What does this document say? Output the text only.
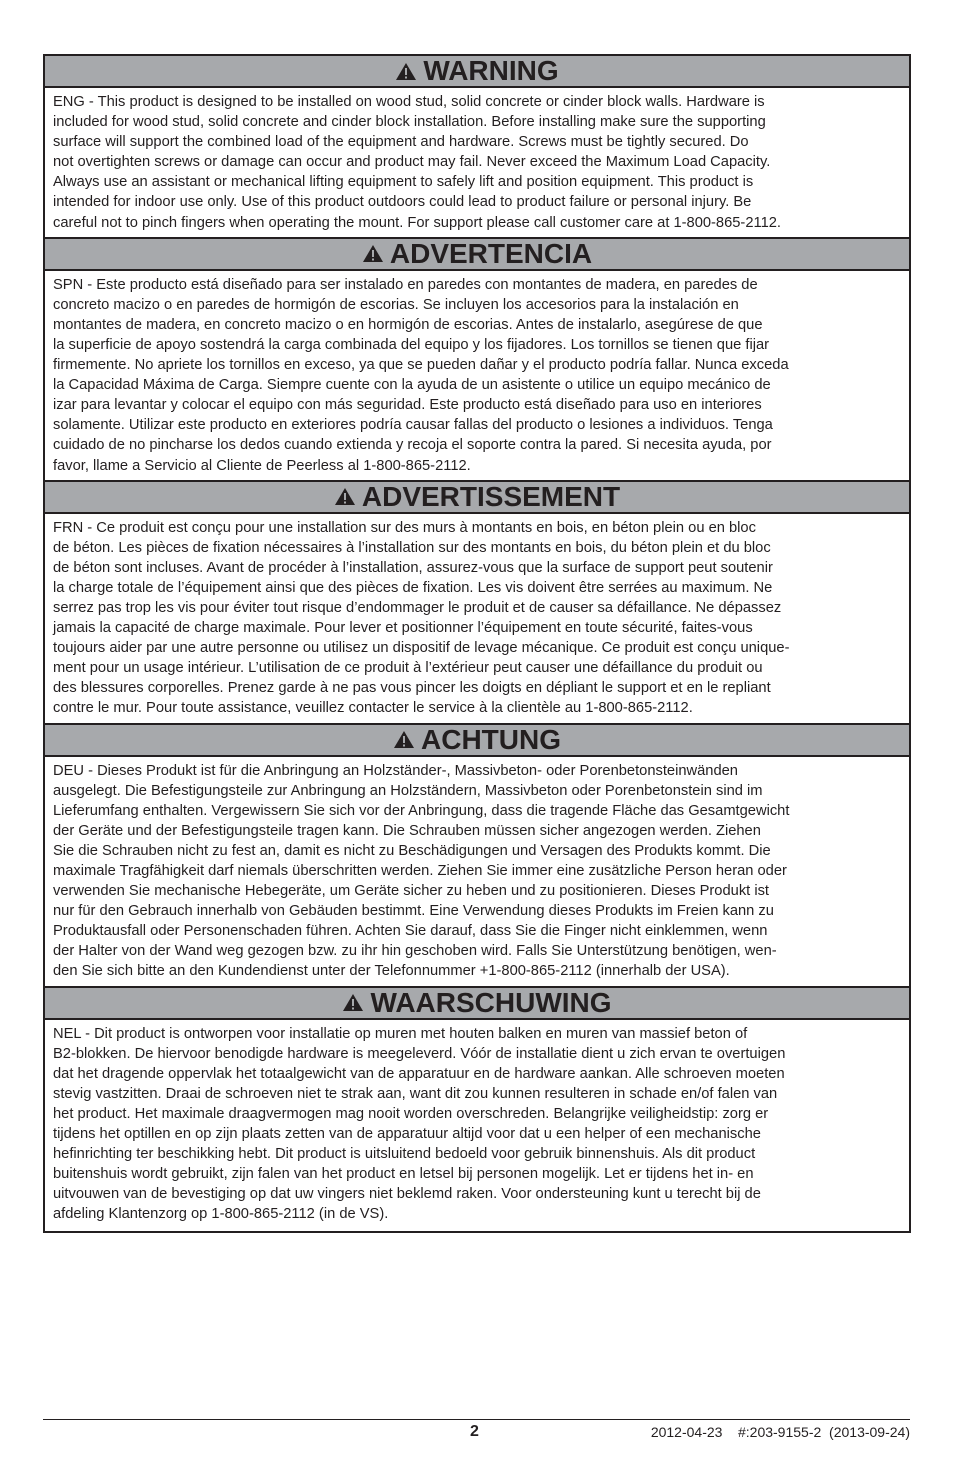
WARNING

ENG - This product is designed to be installed on wood stud, solid concrete or cinder block walls. Hardware is

included for wood stud, solid concrete and cinder block installation. Before installing make sure the supporting

surface will support the combined load of the equipment and hardware. Screws must be tightly secured. Do

not overtighten screws or damage can occur and product may fail. Never exceed the Maximum Load Capacity.

Always use an assistant or mechanical lifting equipment to safely lift and position equipment. This product is

intended for indoor use only. Use of this product outdoors could lead to product failure or personal injury. Be

careful not to pinch fingers when operating the mount. For support please call customer care at 1-800-865-2112.

ADVERTENCIA

SPN - Este producto está diseñado para ser instalado en paredes con montantes de madera, en paredes de

concreto macizo o en paredes de hormigón de escorias. Se incluyen los accesorios para la instalación en

montantes de madera, en concreto macizo o en hormigón de escorias. Antes de instalarlo, asegúrese de que

la superficie de apoyo sostendrá la carga combinada del equipo y los fijadores. Los tornillos se tienen que fijar

firmemente. No apriete los tornillos en exceso, ya que se pueden dañar y el producto podría fallar. Nunca exceda

la Capacidad Máxima de Carga. Siempre cuente con la ayuda de un asistente o utilice un equipo mecánico de

izar para levantar y colocar el equipo con más seguridad. Este producto está diseñado para uso en interiores

solamente. Utilizar este producto en exteriores podría causar fallas del producto o lesiones a individuos. Tenga

cuidado de no pincharse los dedos cuando extienda y recoja el soporte contra la pared. Si necesita ayuda, por

favor, llame a Servicio al Cliente de Peerless al 1-800-865-2112.

ADVERTISSEMENT

FRN - Ce produit est conçu pour une installation sur des murs à montants en bois, en béton plein ou en bloc

de béton. Les pièces de fixation nécessaires à l’installation sur des montants en bois, du béton plein et du bloc

de béton sont incluses. Avant de procéder à l’installation, assurez-vous que la surface de support peut soutenir

la charge totale de l’équipement ainsi que des pièces de fixation. Les vis doivent être serrées au maximum. Ne

serrez pas trop les vis pour éviter tout risque d’endommager le produit et de causer sa défaillance. Ne dépassez

jamais la capacité de charge maximale. Pour lever et positionner l’équipement en toute sécurité, faites-vous

toujours aider par une autre personne ou utilisez un dispositif de levage mécanique. Ce produit est conçu unique-

ment pour un usage intérieur. L’utilisation de ce produit à l’extérieur peut causer une défaillance du produit ou

des blessures corporelles. Prenez garde à ne pas vous pincer les doigts en dépliant le support et en le repliant

contre le mur. Pour toute assistance, veuillez contacter le service à la clientèle au 1-800-865-2112.

ACHTUNG

DEU - Dieses Produkt ist für die Anbringung an Holzständer-, Massivbeton- oder Porenbetonsteinwänden

ausgelegt. Die Befestigungsteile zur Anbringung an Holzständern, Massivbeton oder Porenbetonstein sind im

Lieferumfang enthalten. Vergewissern Sie sich vor der Anbringung, dass die tragende Fläche das Gesamtgewicht

der Geräte und der Befestigungsteile tragen kann. Die Schrauben müssen sicher angezogen werden. Ziehen

Sie die Schrauben nicht zu fest an, damit es nicht zu Beschädigungen und Versagen des Produkts kommt. Die

maximale Tragfähigkeit darf niemals überschritten werden. Ziehen Sie immer eine zusätzliche Person heran oder

verwenden Sie mechanische Hebegeräte, um Geräte sicher zu heben und zu positionieren. Dieses Produkt ist

nur für den Gebrauch innerhalb von Gebäuden bestimmt. Eine Verwendung dieses Produkts im Freien kann zu

Produktausfall oder Personenschaden führen. Achten Sie darauf, dass Sie die Finger nicht einklemmen, wenn

der Halter von der Wand weg gezogen bzw. zu ihr hin geschoben wird. Falls Sie Unterstützung benötigen, wen-

den Sie sich bitte an den Kundendienst unter der Telefonnummer +1-800-865-2112 (innerhalb der USA).

WAARSCHUWING

NEL - Dit product is ontworpen voor installatie op muren met houten balken en muren van massief beton of

B2-blokken. De hiervoor benodigde hardware is meegeleverd. Vóór de installatie dient u zich ervan te overtuigen

dat het dragende oppervlak het totaalgewicht van de apparatuur en de hardware aankan. Alle schroeven moeten

stevig vastzitten. Draai de schroeven niet te strak aan, want dit zou kunnen resulteren in schade en/of falen van

het product. Het maximale draagvermogen mag nooit worden overschreden. Belangrijke veiligheidstip: zorg er

tijdens het optillen en op zijn plaats zetten van de apparatuur altijd voor dat u een helper of een mechanische

hefinrichting ter beschikking hebt. Dit product is uitsluitend bedoeld voor gebruik binnenshuis. Als dit product

buitenshuis wordt gebruikt, zijn falen van het product en letsel bij personen mogelijk. Let er tijdens het in- en

uitvouwen van de bevestiging op dat uw vingers niet beklemd raken. Voor ondersteuning kunt u terecht bij de

afdeling Klantenzorg op 1-800-865-2112 (in de VS).

2	2012-04-23    #:203-9155-2  (2013-09-24)
